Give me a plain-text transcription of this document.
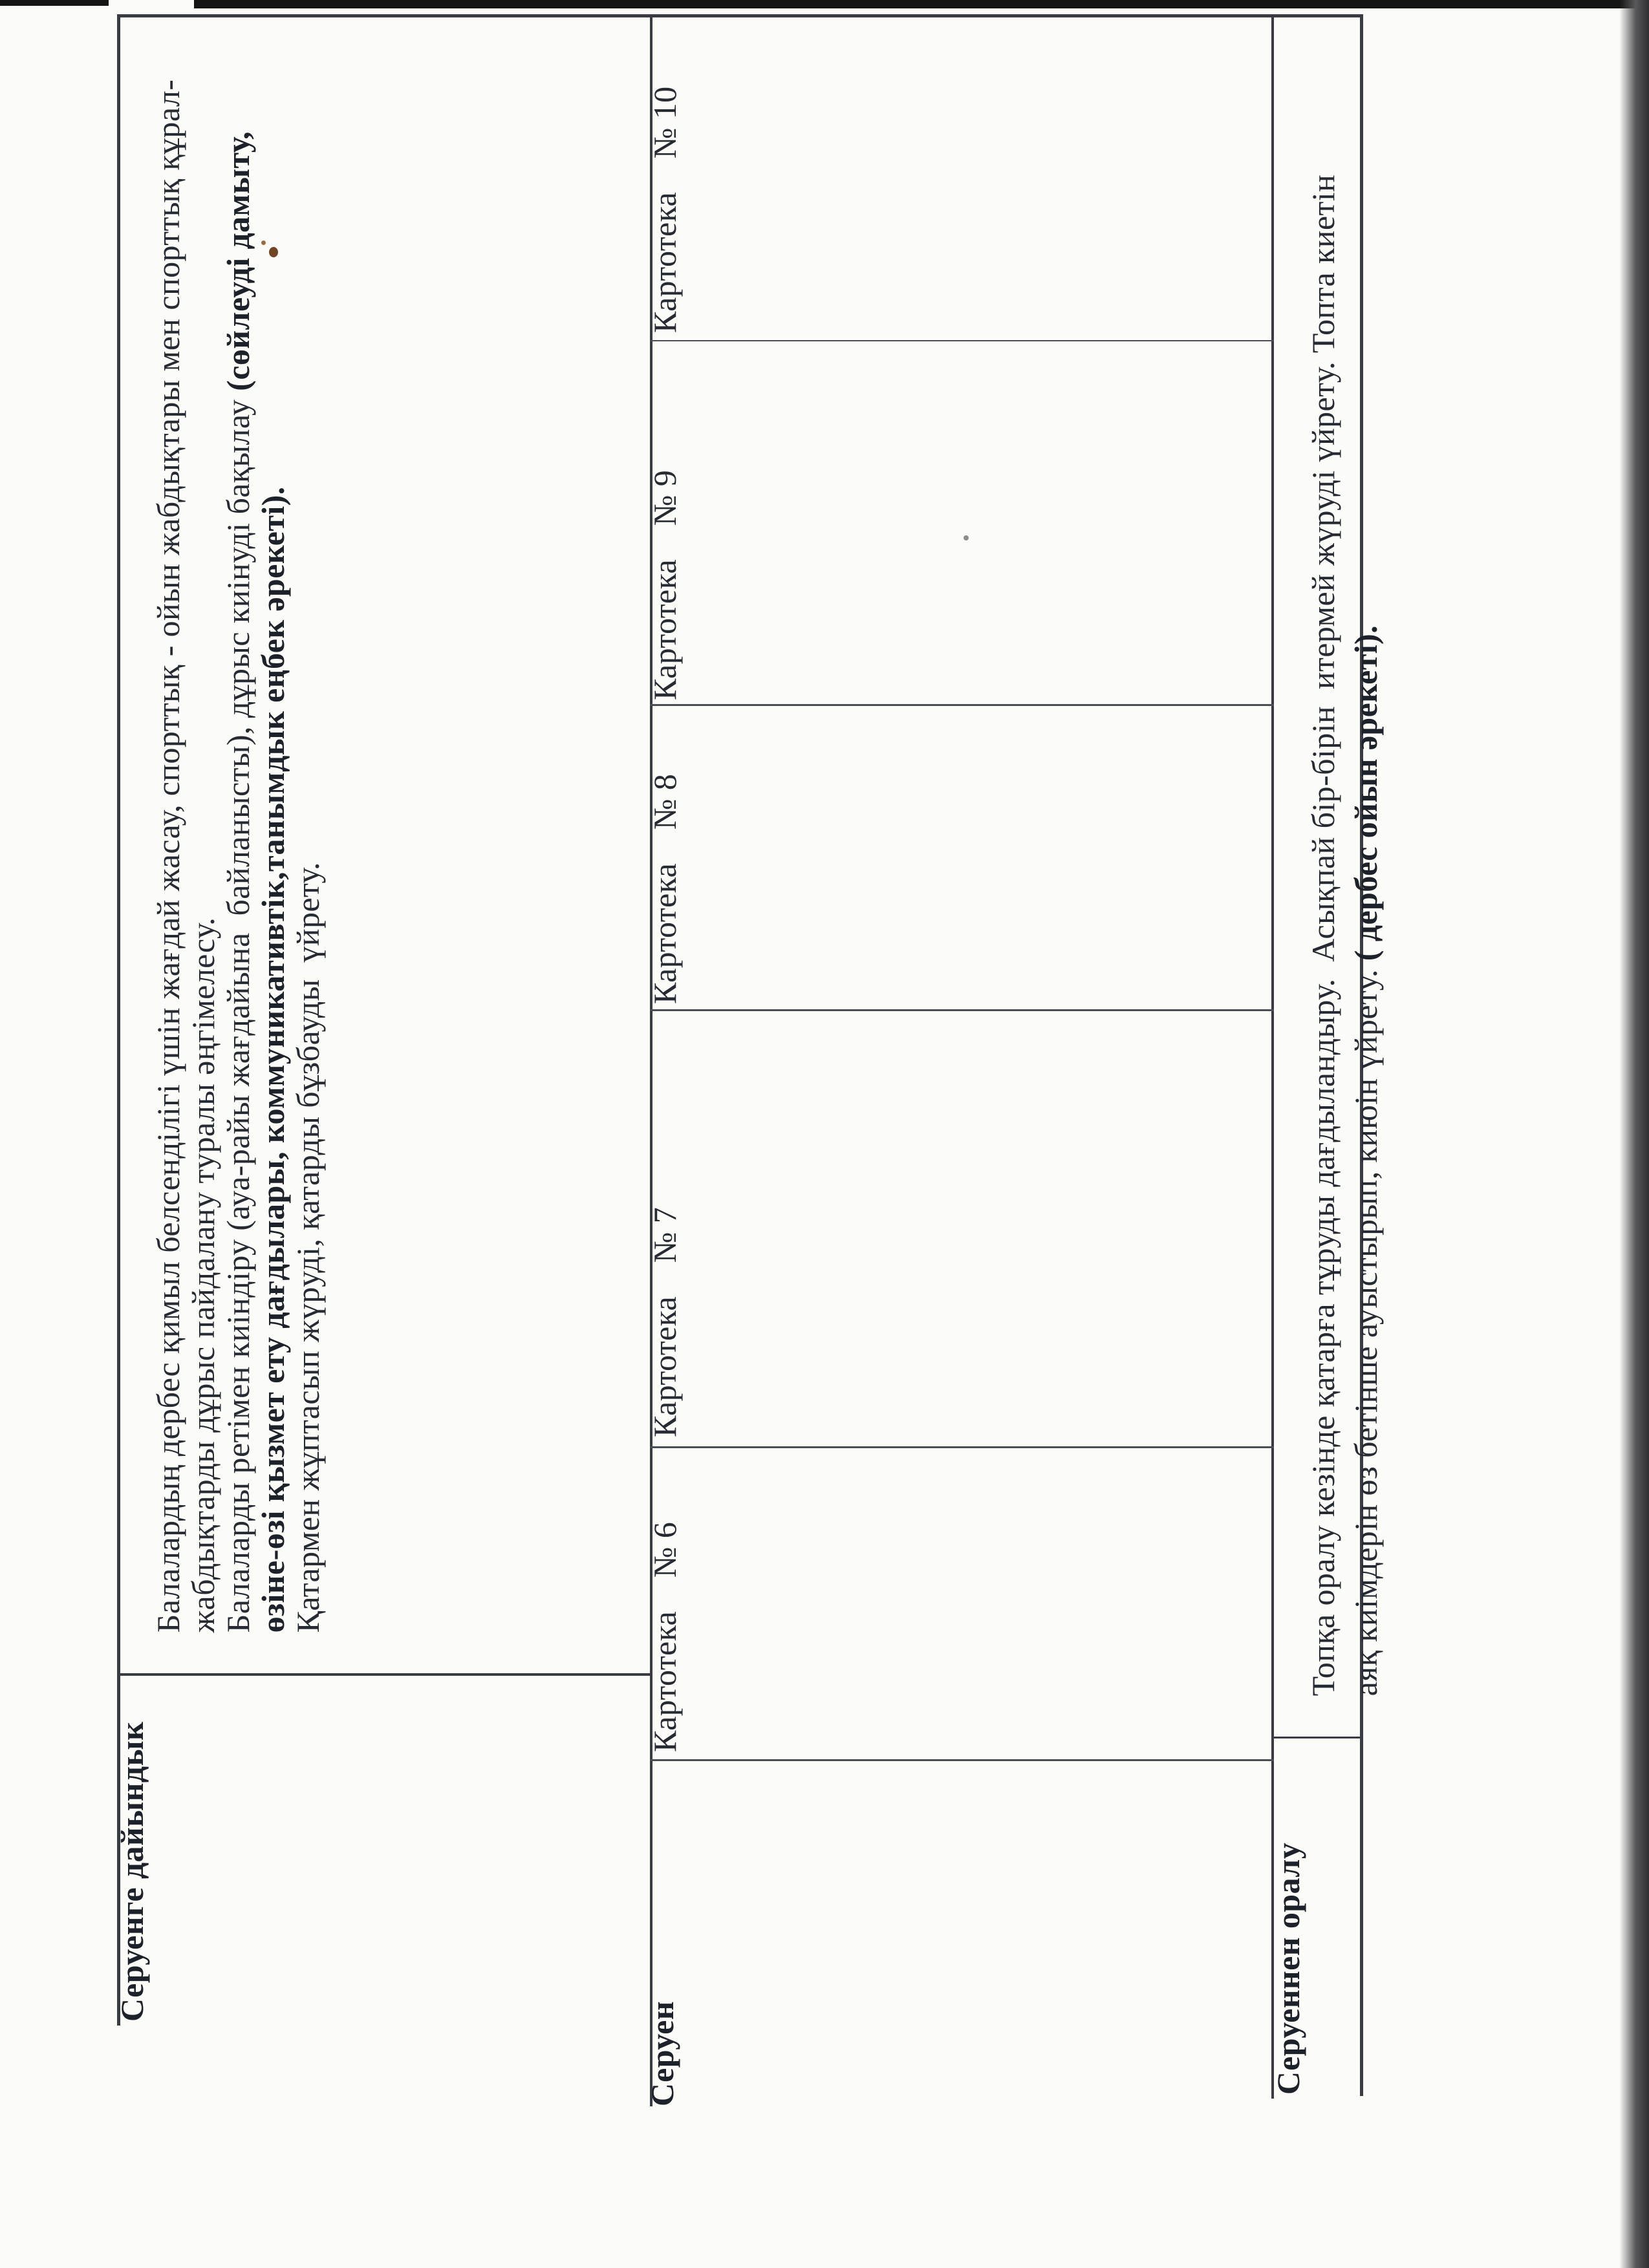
Серуенге дайындык

Балалардың дербес қимыл белсенділігі үшін жағдай жасау, спорттық - ойын жабдықтары мен спорттық құрал-

жабдықтарды дұрыс пайдалану туралы әңгімелесу.

Балаларды ретімен киіндіру (ауа-райы жағдайына  байланысты), дұрыс киінуді бақылау (сөйлеуді дамыту,

өзіне-өзі қызмет ету дағдылары, коммуникативтік,танымдык еңбек әрекеті).

Қатармен жұптасып жүруді, қатарды бұзбауды  үйрету.

Серуен

Картотека    № 6

Картотека    № 7

Картотека    № 8

Картотека    № 9

Картотека    № 10

Серуеннен оралу

Топқа оралу кезінде қатарға тұруды дағдыландыру.  Асықпай бір-бірін  итермей жүруді үйрету. Топта киетін

аяқ киімдерін өз бетінше ауыстырып, киюін үйрету. ( дербес ойын әрекеті).
